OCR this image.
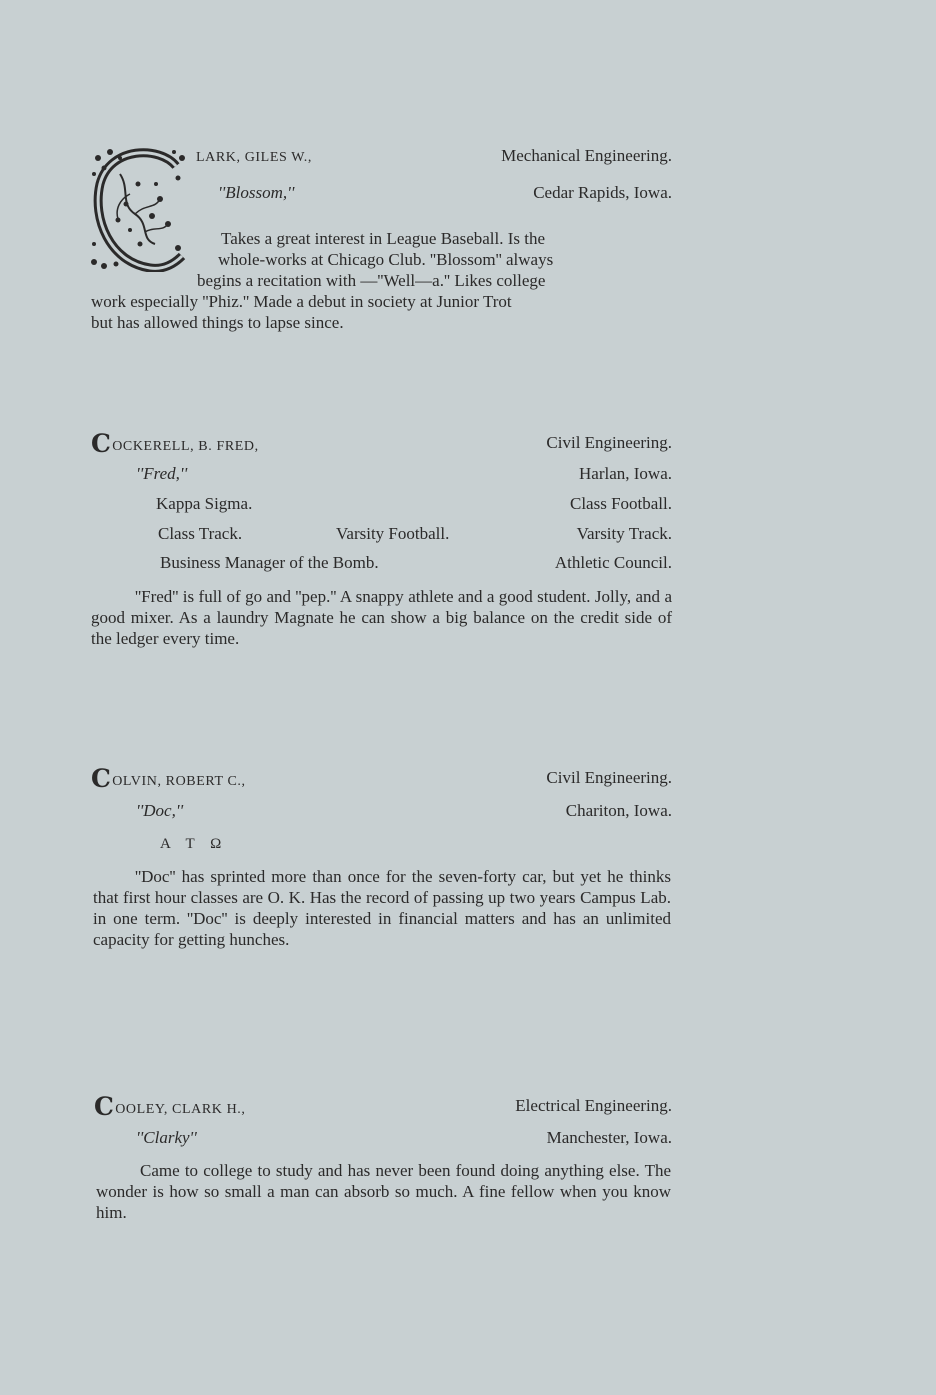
LARK, GILES W.,	Mechanical Engineering.
''Blossom,''	Cedar Rapids, Iowa.
Takes a great interest in League Baseball. Is the
whole-works at Chicago Club. ''Blossom'' always
begins a recitation with —''Well—a.'' Likes college
work especially ''Phiz.'' Made a debut in society at Junior Trot
but has allowed things to lapse since.
COCKERELL, B. FRED,	Civil Engineering.
''Fred,''	Harlan, Iowa.
Kappa Sigma.	Class Football.
Class Track.	Varsity Football.	Varsity Track.
Business Manager of the Bomb.	Athletic Council.
''Fred'' is full of go and ''pep.'' A snappy athlete and a good student. Jolly, and a good mixer. As a laundry Magnate he can show a big balance on the credit side of the ledger every time.
COLVIN, ROBERT C.,	Civil Engineering.
''Doc,''	Chariton, Iowa.
A T Ω
''Doc'' has sprinted more than once for the seven-forty car, but yet he thinks that first hour classes are O. K. Has the record of passing up two years Campus Lab. in one term. ''Doc'' is deeply interested in financial matters and has an unlimited capacity for getting hunches.
COOLEY, CLARK H.,	Electrical Engineering.
''Clarky''	Manchester, Iowa.
Came to college to study and has never been found doing anything else. The wonder is how so small a man can absorb so much. A fine fellow when you know him.
